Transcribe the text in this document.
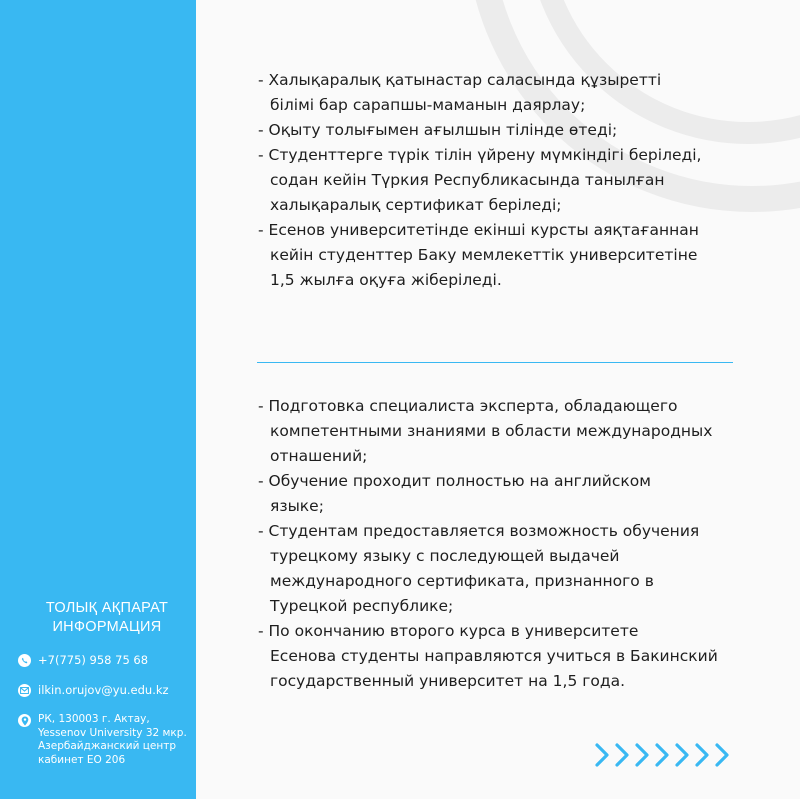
- Халықаралық қатынастар саласында құзыретті
білімі бар сарапшы-маманын даярлау;
- Оқыту толығымен ағылшын тілінде өтеді;
- Студенттерге түрік тілін үйрену мүмкіндігі беріледі,
содан кейін Түркия Республикасында танылған
халықаралық сертификат беріледі;
- Есенов университетінде екінші курсты аяқтағаннан
кейін студенттер Баку мемлекеттік университетіне
1,5 жылға оқуға жіберіледі.
- Подготовка специалиста эксперта, обладающего
компетентными знаниями в области международных
отнашений;
- Обучение проходит полностью на английском
языке;
- Студентам предоставляется возможность обучения
турецкому языку с последующей выдачей
международного сертификата, признанного в
Турецкой республике;
- По окончанию второго курса в университете
Есенова студенты направляются учиться в Бакинский
государственный университет на 1,5 года.
ТОЛЫҚ АҚПАРАТ
ИНФОРМАЦИЯ
+7(775) 958 75 68
ilkin.orujov@yu.edu.kz
РК, 130003 г. Актау,
Yessenov University 32 мкр.
Азербайджанский центр
кабинет ЕО 206
